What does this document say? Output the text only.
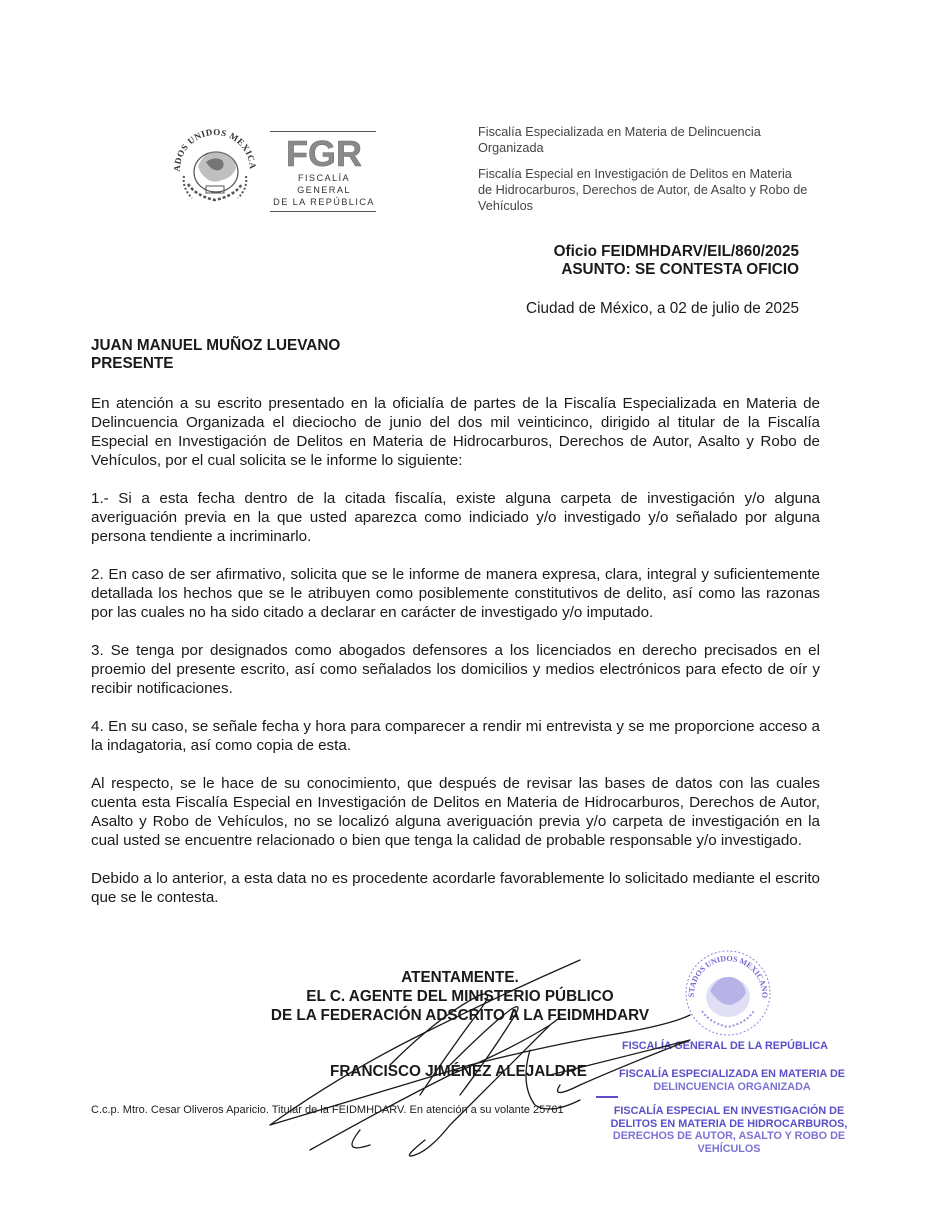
ADOS UNIDOS MEXICA FGR
FISCALÍA GENERAL
DE LA REPÚBLICA

Fiscalía Especializada en Materia de Delincuencia Organizada

Fiscalía Especial en Investigación de Delitos en Materia de Hidrocarburos, Derechos de Autor, de Asalto y Robo de Vehículos

Oficio FEIDMHDARV/EIL/860/2025
ASUNTO: SE CONTESTA OFICIO
Ciudad de México, a 02 de julio de 2025
JUAN MANUEL MUÑOZ LUEVANO
PRESENTE

En atención a su escrito presentado en la oficialía de partes de la Fiscalía Especializada en Materia de Delincuencia Organizada el dieciocho de junio del dos mil veinticinco, dirigido al titular de la Fiscalía Especial en Investigación de Delitos en Materia de Hidrocarburos, Derechos de Autor, Asalto y Robo de Vehículos, por el cual solicita se le informe lo siguiente:

1.- Si a esta fecha dentro de la citada fiscalía, existe alguna carpeta de investigación y/o alguna averiguación previa en la que usted aparezca como indiciado y/o investigado y/o señalado por alguna persona tendiente a incriminarlo.

2. En caso de ser afirmativo, solicita que se le informe de manera expresa, clara, integral y suficientemente detallada los hechos que se le atribuyen como posiblemente constitutivos de delito, así como las razonas por las cuales no ha sido citado a declarar en carácter de investigado y/o imputado.

3. Se tenga por designados como abogados defensores a los licenciados en derecho precisados en el proemio del presente escrito, así como señalados los domicilios y medios electrónicos para efecto de oír y recibir notificaciones.

4. En su caso, se señale fecha y hora para comparecer a rendir mi entrevista y se me proporcione acceso a la indagatoria, así como copia de esta.

Al respecto, se le hace de su conocimiento, que después de revisar las bases de datos con las cuales cuenta esta Fiscalía Especial en Investigación de Delitos en Materia de Hidrocarburos, Derechos de Autor, Asalto y Robo de Vehículos, no se localizó alguna averiguación previa y/o carpeta de investigación en la cual usted se encuentre relacionado o bien que tenga la calidad de probable responsable y/o investigado.

Debido a lo anterior, a esta data no es procedente acordarle favorablemente lo solicitado mediante el escrito que se le contesta.

ATENTAMENTE.
EL C. AGENTE DEL MINISTERIO PÚBLICO
DE LA FEDERACIÓN ADSCRITO A LA FEIDMHDARV
FRANCISCO JIMÉNEZ ALEJALDRE
C.c.p. Mtro. Cesar Oliveros Aparicio. Titular de la FEIDMHDARV. En atención a su volante 25761
STADOS UNIDOS MEXICANO
FISCALÍA GENERAL DE LA REPÚBLICA
FISCALÍA ESPECIALIZADA EN MATERIA DE
DELINCUENCIA ORGANIZADA
FISCALÍA ESPECIAL EN INVESTIGACIÓN DE
DELITOS EN MATERIA DE HIDROCARBUROS,
DERECHOS DE AUTOR, ASALTO Y ROBO DE
VEHÍCULOS
